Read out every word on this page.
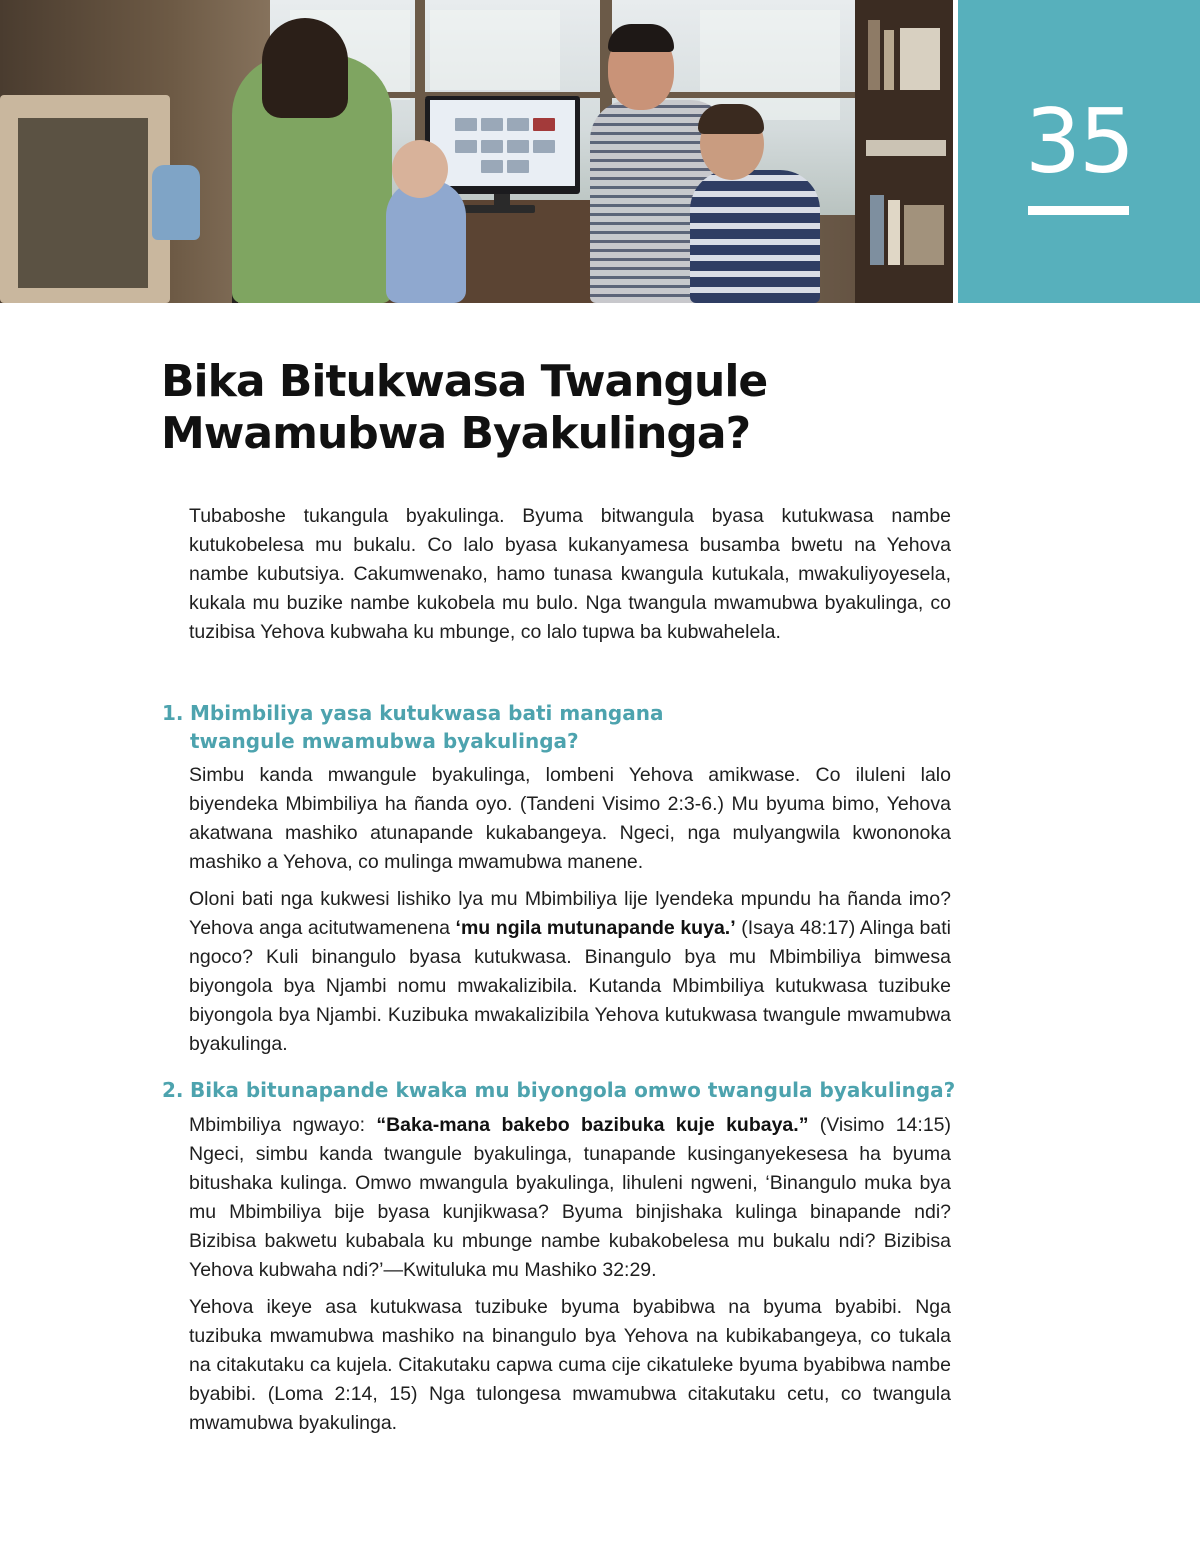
35
Bika Bitukwasa Twangule
Mwamubwa Byakulinga?

Tubaboshe tukangula byakulinga. Byuma bitwangula byasa kutukwasa nambe kutukobelesa mu bukalu. Co lalo byasa kukanyamesa busamba bwetu na Yehova nambe kubutsiya. Cakumwenako, hamo tunasa kwangula kutukala, mwakuliyoyesela, kukala mu buzike nambe kukobela mu bulo. Nga twangula mwamubwa byakulinga, co tuzibisa Yehova kubwaha ku mbunge, co lalo tupwa ba kubwahelela.

1. Mbimbiliya yasa kutukwasa bati mangana
twangule mwamubwa byakulinga?

Simbu kanda mwangule byakulinga, lombeni Yehova amikwase. Co ilulеni lalo biyendeka Mbimbiliya ha ñanda oyo. (Tandeni Visimo 2:3-6.) Mu byuma bimo, Yehova akatwana mashiko atunapande kukabangeya. Ngeci, nga mulyangwila kwononoka mashiko a Yehova, co mulinga mwamubwa manene.

Oloni bati nga kukwesi lishiko lya mu Mbimbiliya lije lyendeka mpundu ha ñanda imo? Yehova anga acitutwamenena ‘mu ngila mutunapande kuya.’ (Isaya 48:17) Alinga bati ngoco? Kuli binangulo byasa kutukwasa. Binangulo bya mu Mbimbiliya bimwesa biyongola bya Njambi nomu mwakalizibila. Kutanda Mbimbiliya kutukwasa tuzibuke biyongola bya Njambi. Kuzibuka mwakalizibila Yehova kutukwasa twangule mwamubwa byakulinga.

2. Bika bitunapande kwaka mu biyongola omwo twangula byakulinga?

Mbimbiliya ngwayo: “Baka-mana bakebo bazibuka kuje kubaya.” (Visimo 14:15) Ngeci, simbu kanda twangule byakulinga, tunapande kusinganyekesesa ha byuma bitushaka kulinga. Omwo mwangula byakulinga, lihuleni ngweni, ‘Binangulo muka bya mu Mbimbiliya bije byasa kunjikwasa? Byuma binjishaka kulinga binapande ndi? Bizibisa bakwetu kubabala ku mbunge nambe kubakobelesa mu bukalu ndi? Bizibisa Yehova kubwaha ndi?’—Kwituluka mu Mashiko 32:29.

Yehova ikeye asa kutukwasa tuzibuke byuma byabibwa na byuma byabibi. Nga tuzibuka mwamubwa mashiko na binangulo bya Yehova na kubikabangeya, co tukala na citakutaku ca kujela. Citakutaku capwa cuma cije cikatuleke byuma byabibwa nambe byabibi. (Loma 2:14, 15) Nga tulongesa mwamubwa citakutaku cetu, co twangula mwamubwa byakulinga.
